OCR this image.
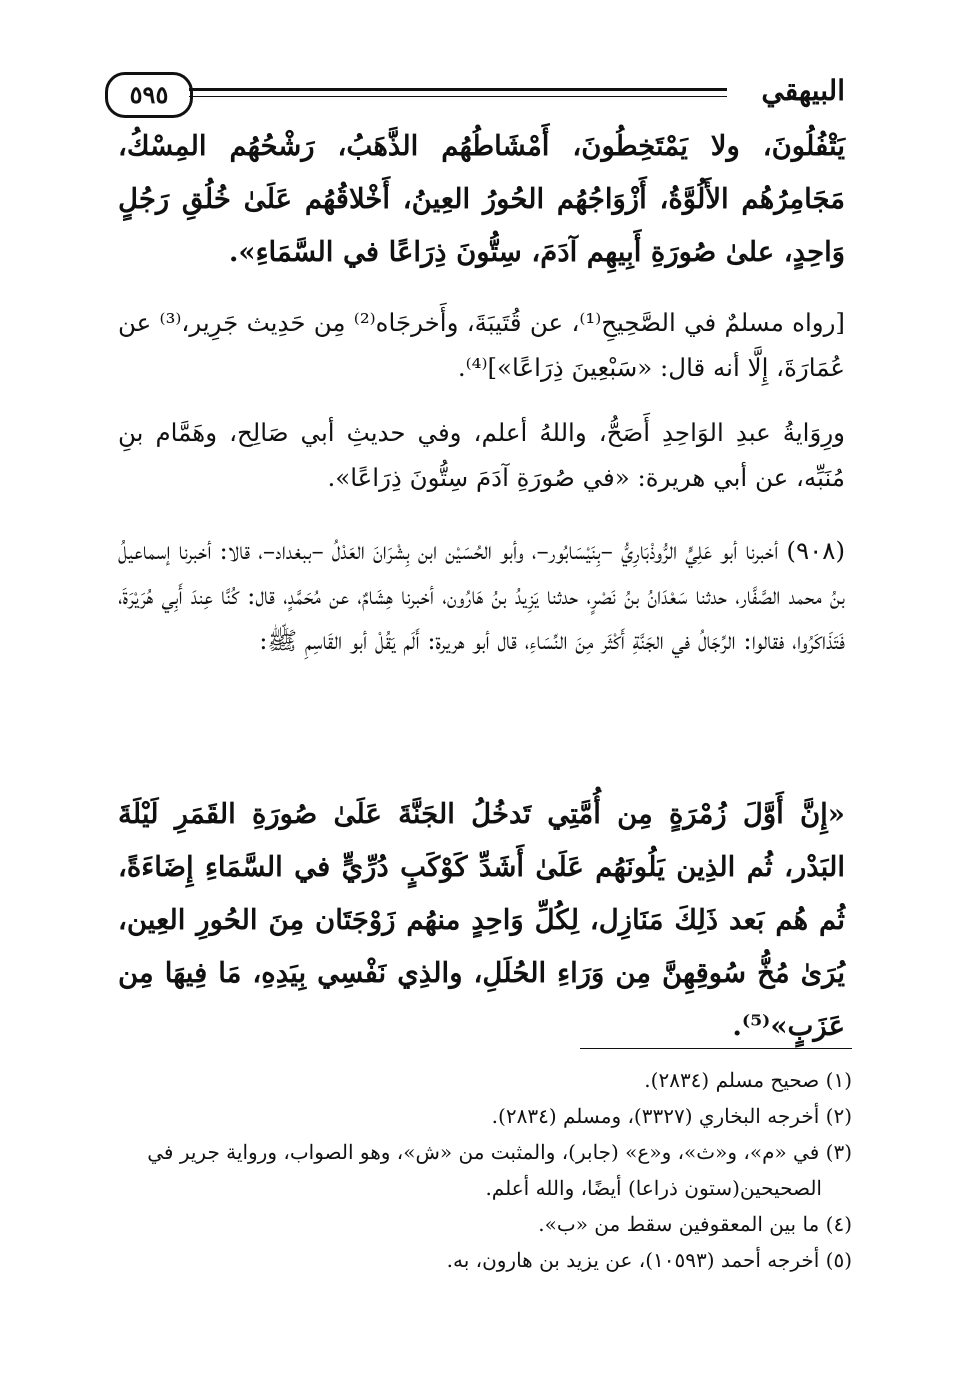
٥٩٥	البيهقي

يَتْفُلُونَ، ولا يَمْتَخِطُونَ، أَمْشَاطُهُم الذَّهَبُ، رَشْحُهُم المِسْكُ، مَجَامِرُهُم الأَلُوَّةُ، أَزْوَاجُهُم الحُورُ العِينُ، أَخْلاقُهُم عَلَىٰ خُلُقِ رَجُلٍ وَاحِدٍ، علىٰ صُورَةِ أَبِيهِم آدَمَ، سِتُّونَ ذِرَاعًا في السَّمَاءِ».

[رواه مسلمٌ في الصَّحِيحِ⁽¹⁾، عن قُتَيبَةَ، وأَخرجَاه⁽²⁾ مِن حَدِيث جَرِير،⁽³⁾ عن عُمَارَةَ، إِلَّا أنه قال: «سَبْعِينَ ذِرَاعًا»]⁽⁴⁾.

ورِوَايةُ عبدِ الوَاحِدِ أَصَحُّ، واللهُ أعلم، وفي حديثِ أبي صَالِح، وهَمَّام بنِ مُنَبِّه، عن أبي هريرة: «في صُورَةِ آدَمَ سِتُّونَ ذِرَاعًا».

(٩٠٨) أخبرنا أبو عَلِيٍّ الرُّوذْبَارِيُّ –بِنَيْسَابُور–، وأبو الحُسَيْن ابن بِشْرَانَ العَدْلُ –ببغداد–، قالا: أخبرنا إسماعيلُ بنُ محمد الصَّفَّار، حدثنا سَعْدَانُ بنُ نَصْرٍ، حدثنا يَزِيدُ بنُ هَارُون، أخبرنا هِشَامٌ، عن مُحَمَّدٍ، قال: كُنَّا عِندَ أَبِي هُرَيْرَةَ، فَتَذَاكَرُوا، فقالوا: الرِّجَالُ في الجَنَّةِ أَكْثَر مِنَ النِّسَاءِ، قال أبو هريرة: أَلَم يَقُلْ أبو القَاسِمِ ﷺ:

«إِنَّ أَوَّلَ زُمْرَةٍ مِن أُمَّتِي تَدخُلُ الجَنَّةَ عَلَىٰ صُورَةِ القَمَرِ لَيْلَةَ البَدْر، ثُم الذِين يَلُونَهُم عَلَىٰ أَشَدِّ كَوْكَبٍ دُرِّيٍّ في السَّمَاءِ إِضَاءَةً، ثُم هُم بَعد ذَلِكَ مَنَازِل، لِكُلِّ وَاحِدٍ منهُم زَوْجَتَان مِنَ الحُورِ العِين، يُرَىٰ مُخُّ سُوقِهِنَّ مِن وَرَاءِ الحُلَلِ، والذِي نَفْسِي بِيَدِهِ، مَا فِيهَا مِن عَزَبٍ»⁽⁵⁾.

(١) صحيح مسلم (٢٨٣٤).

(٢) أخرجه البخاري (٣٣٢٧)، ومسلم (٢٨٣٤).

(٣) في «م»، و«ث»، و«ع» (جابر)، والمثبت من «ش»، وهو الصواب، ورواية جرير في

الصحيحين(ستون ذراعا) أيضًا، والله أعلم.

(٤) ما بين المعقوفين سقط من «ب».

(٥) أخرجه أحمد (١٠٥٩٣)، عن يزيد بن هارون، به.
